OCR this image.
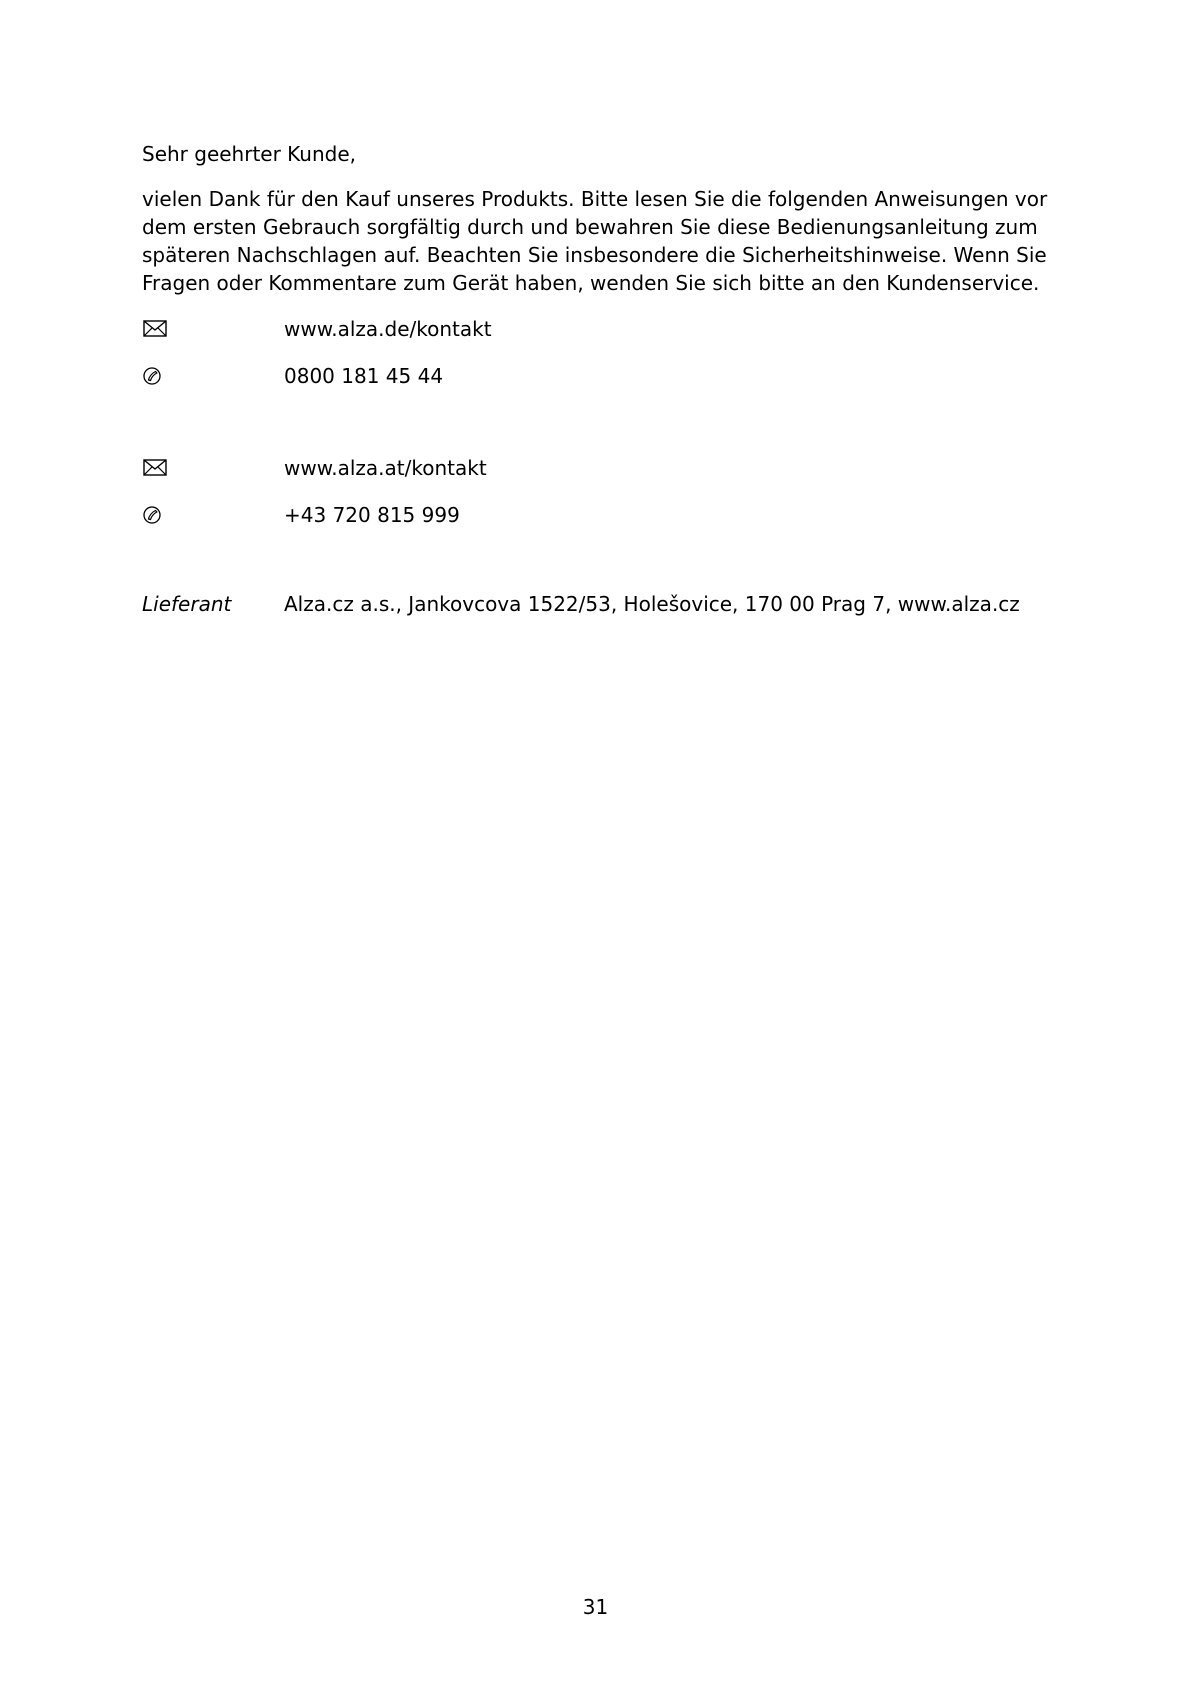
Sehr geehrter Kunde,
vielen Dank für den Kauf unseres Produkts. Bitte lesen Sie die folgenden Anweisungen vor
dem ersten Gebrauch sorgfältig durch und bewahren Sie diese Bedienungsanleitung zum
späteren Nachschlagen auf. Beachten Sie insbesondere die Sicherheitshinweise. Wenn Sie
Fragen oder Kommentare zum Gerät haben, wenden Sie sich bitte an den Kundenservice.
www.alza.de/kontakt
0800 181 45 44
www.alza.at/kontakt
+43 720 815 999
Lieferant	Alza.cz a.s., Jankovcova 1522/53, Holešovice, 170 00 Prag 7, www.alza.cz
31
